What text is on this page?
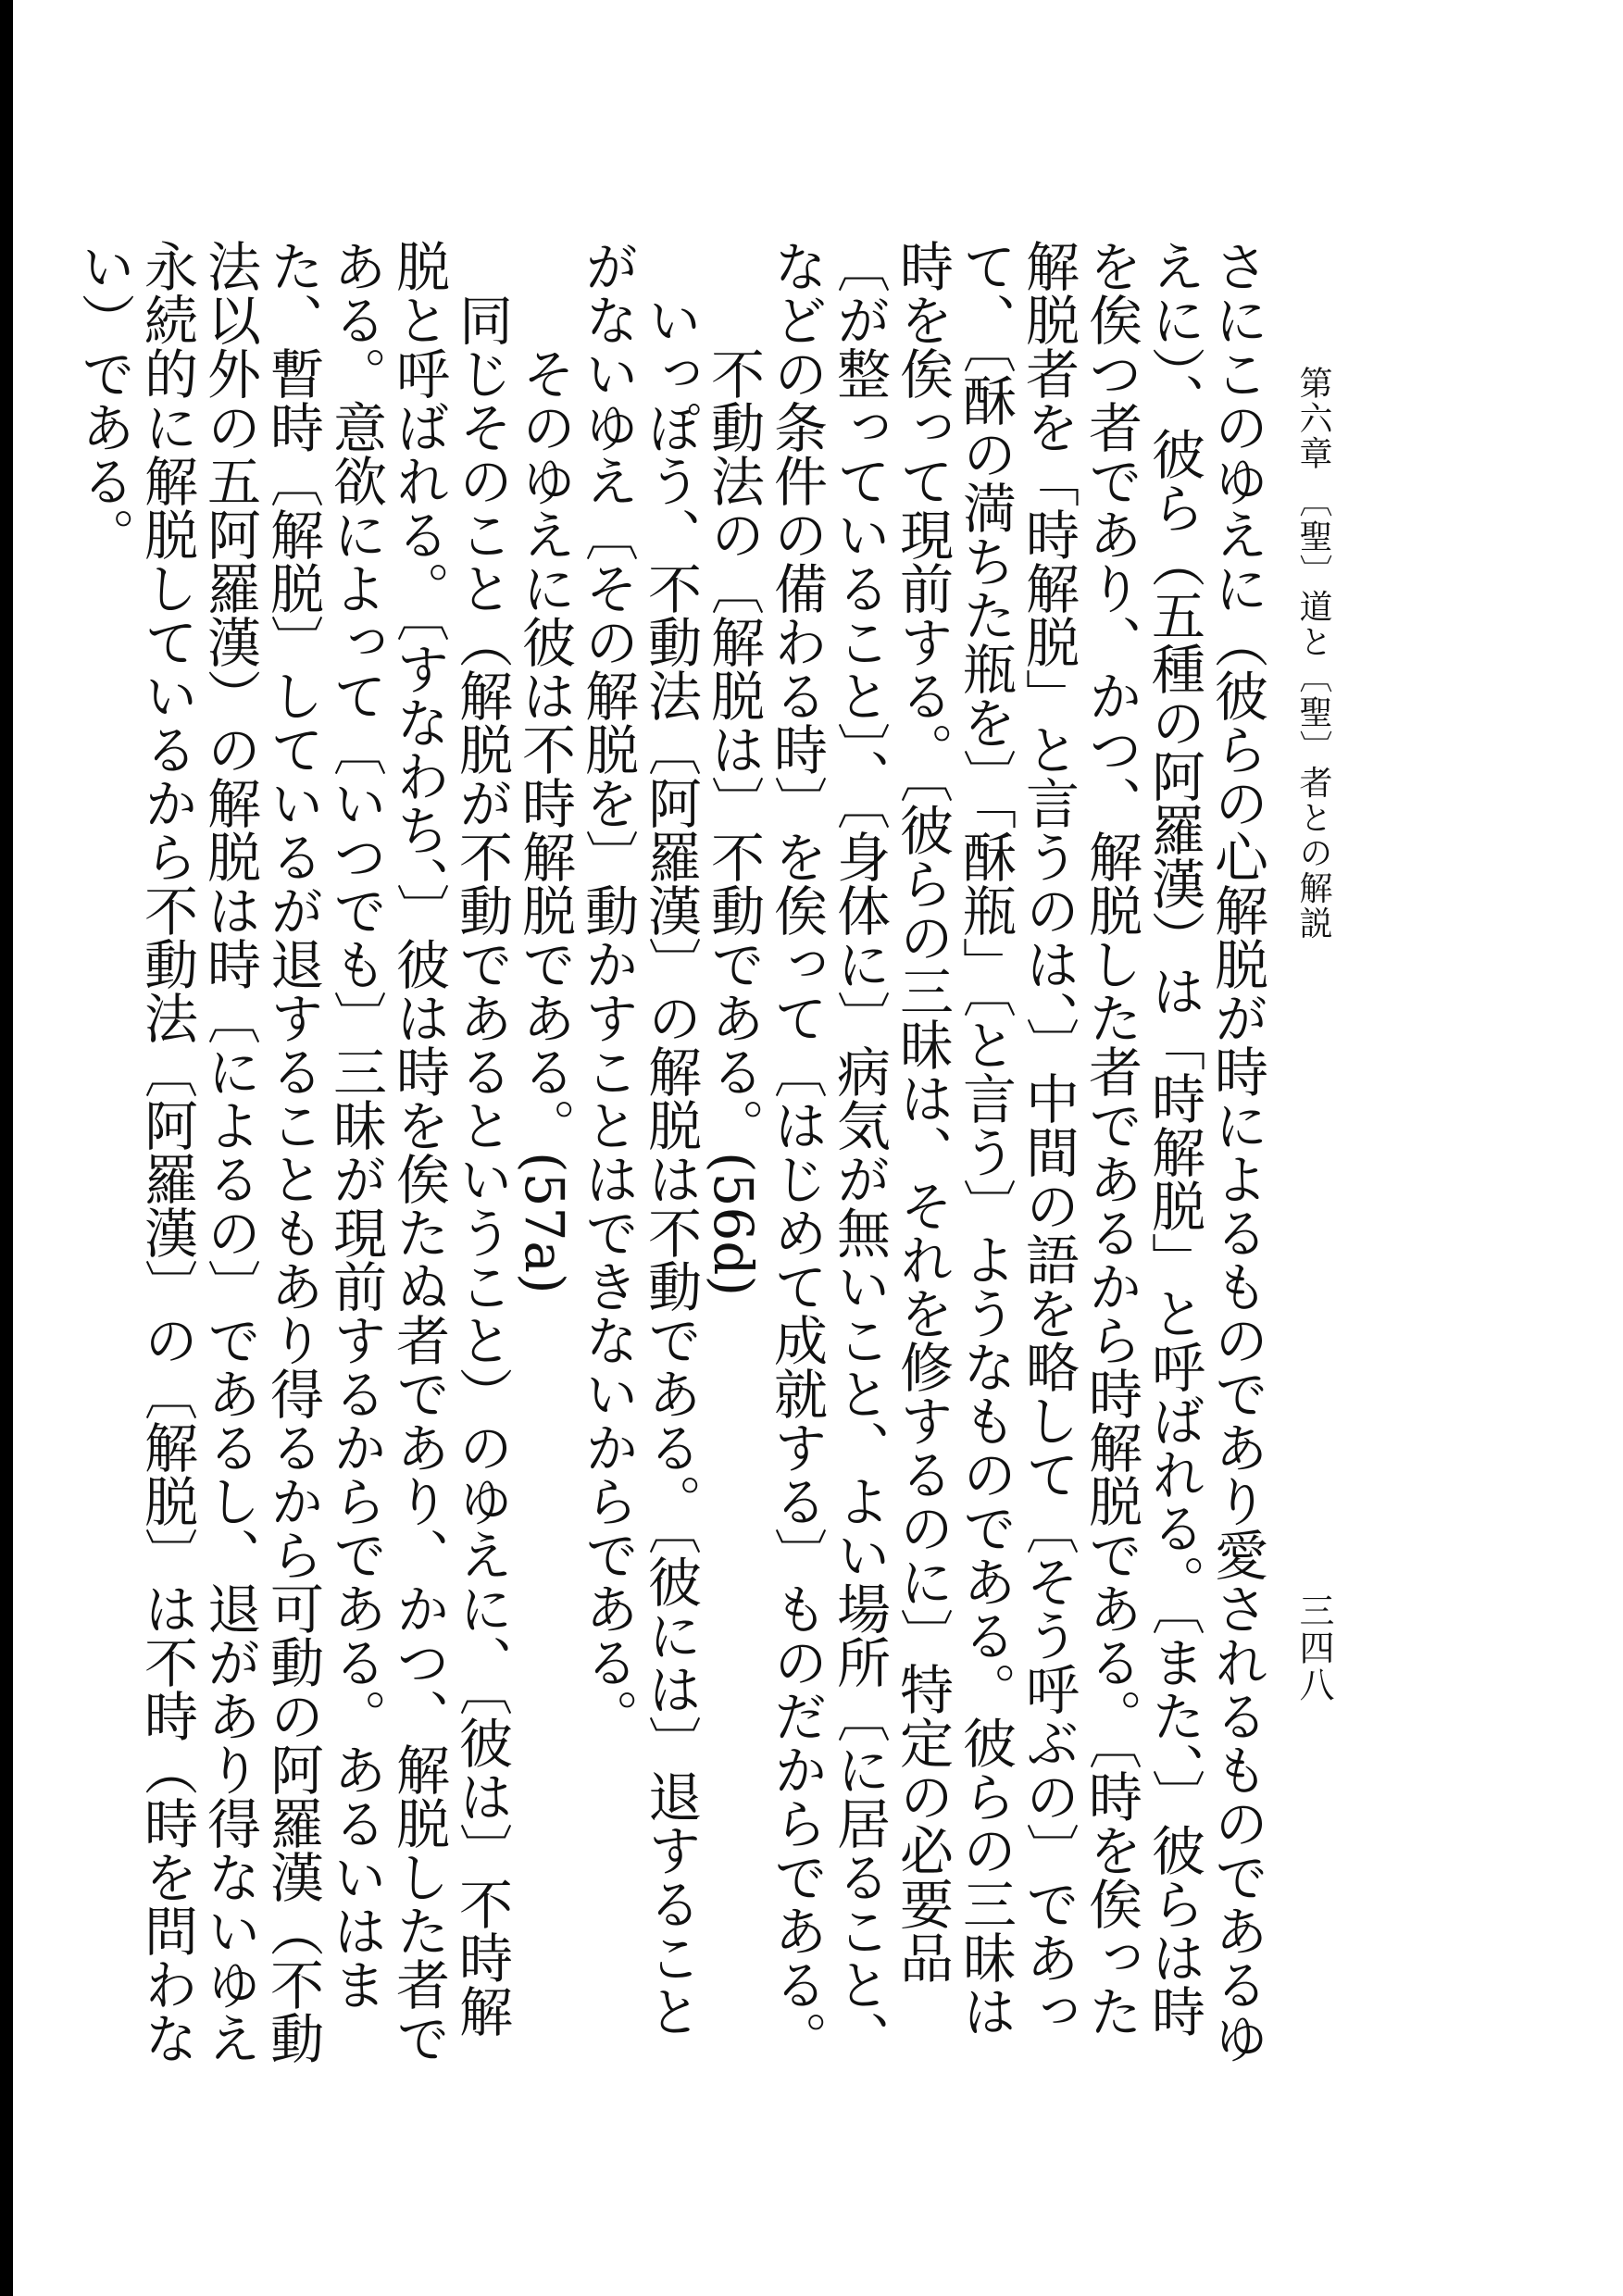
第六章 〔聖〕道と〔聖〕者との解説
三四八

さにこのゆえに（彼らの心解脱が時によるものであり愛されるものであるゆえに）、彼ら（五種の阿羅漢）は「時解脱」と呼ばれる。〔また、〕彼らは時を俟つ者であり、かつ、解脱した者であるから時解脱である。〔時を俟った解脱者を「時解脱」と言うのは、〕中間の語を略して〔そう呼ぶの〕であって、〔酥の満ちた瓶を〕「酥瓶」〔と言う〕ようなものである。彼らの三昧は時を俟って現前する。〔彼らの三昧は、それを修するのに〕特定の必要品〔が整っていること〕、〔身体に〕病気が無いこと、よい場所〔に居ること、などの条件の備わる時〕を俟って〔はじめて成就する〕ものだからである。

不動法の〔解脱は〕不動である。(56d)

いっぽう、不動法〔阿羅漢〕の解脱は不動である。〔彼には〕退することがないゆえ〔その解脱を〕動かすことはできないからである。

そのゆえに彼は不時解脱である。(57a)

同じそのこと（解脱が不動であるということ）のゆえに、〔彼は〕不時解脱と呼ばれる。〔すなわち、〕彼は時を俟たぬ者であり、かつ、解脱した者である。意欲によって〔いつでも〕三昧が現前するからである。あるいはまた、暫時〔解脱〕しているが退することもあり得るから可動の阿羅漢（不動法以外の五阿羅漢）の解脱は時〔によるの〕であるし、退があり得ないゆえ永続的に解脱しているから不動法〔阿羅漢〕の〔解脱〕は不時（時を問わない）である。
